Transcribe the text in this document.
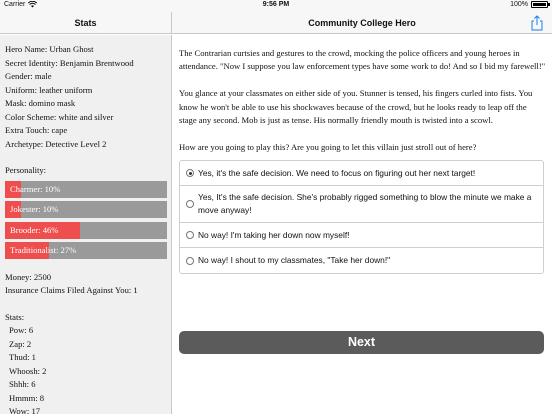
Carrier	9:56 PM	100%
Stats	Community College Hero
Hero Name: Urban Ghost
Secret Identity: Benjamin Brentwood
Gender: male
Uniform: leather uniform
Mask: domino mask
Color Scheme: white and silver
Extra Touch: cape
Archetype: Detective Level 2
Personality:
Charmer: 10%
Jokester: 10%
Brooder: 46%
Traditionalist: 27%
Money: 2500
Insurance Claims Filed Against You: 1
Stats:
Pow: 6
Zap: 2
Thud: 1
Whoosh: 2
Shhh: 6
Hmmm: 8
Wow: 17

The Contrarian curtsies and gestures to the crowd, mocking the police officers and young heroes in attendance. "Now I suppose you law enforcement types have some work to do! And so I bid my farewell!"

You glance at your classmates on either side of you. Stunner is tensed, his fingers curled into fists. You know he won't be able to use his shockwaves because of the crowd, but he looks ready to leap off the stage any second. Mob is just as tense. His normally friendly mouth is twisted into a scowl.

How are you going to play this? Are you going to let this villain just stroll out of here?

Yes, it's the safe decision. We need to focus on figuring out her next target!
Yes, It's the safe decision. She's probably rigged something to blow the minute we make a move anyway!
No way! I'm taking her down now myself!
No way! I shout to my classmates, "Take her down!"
Next
